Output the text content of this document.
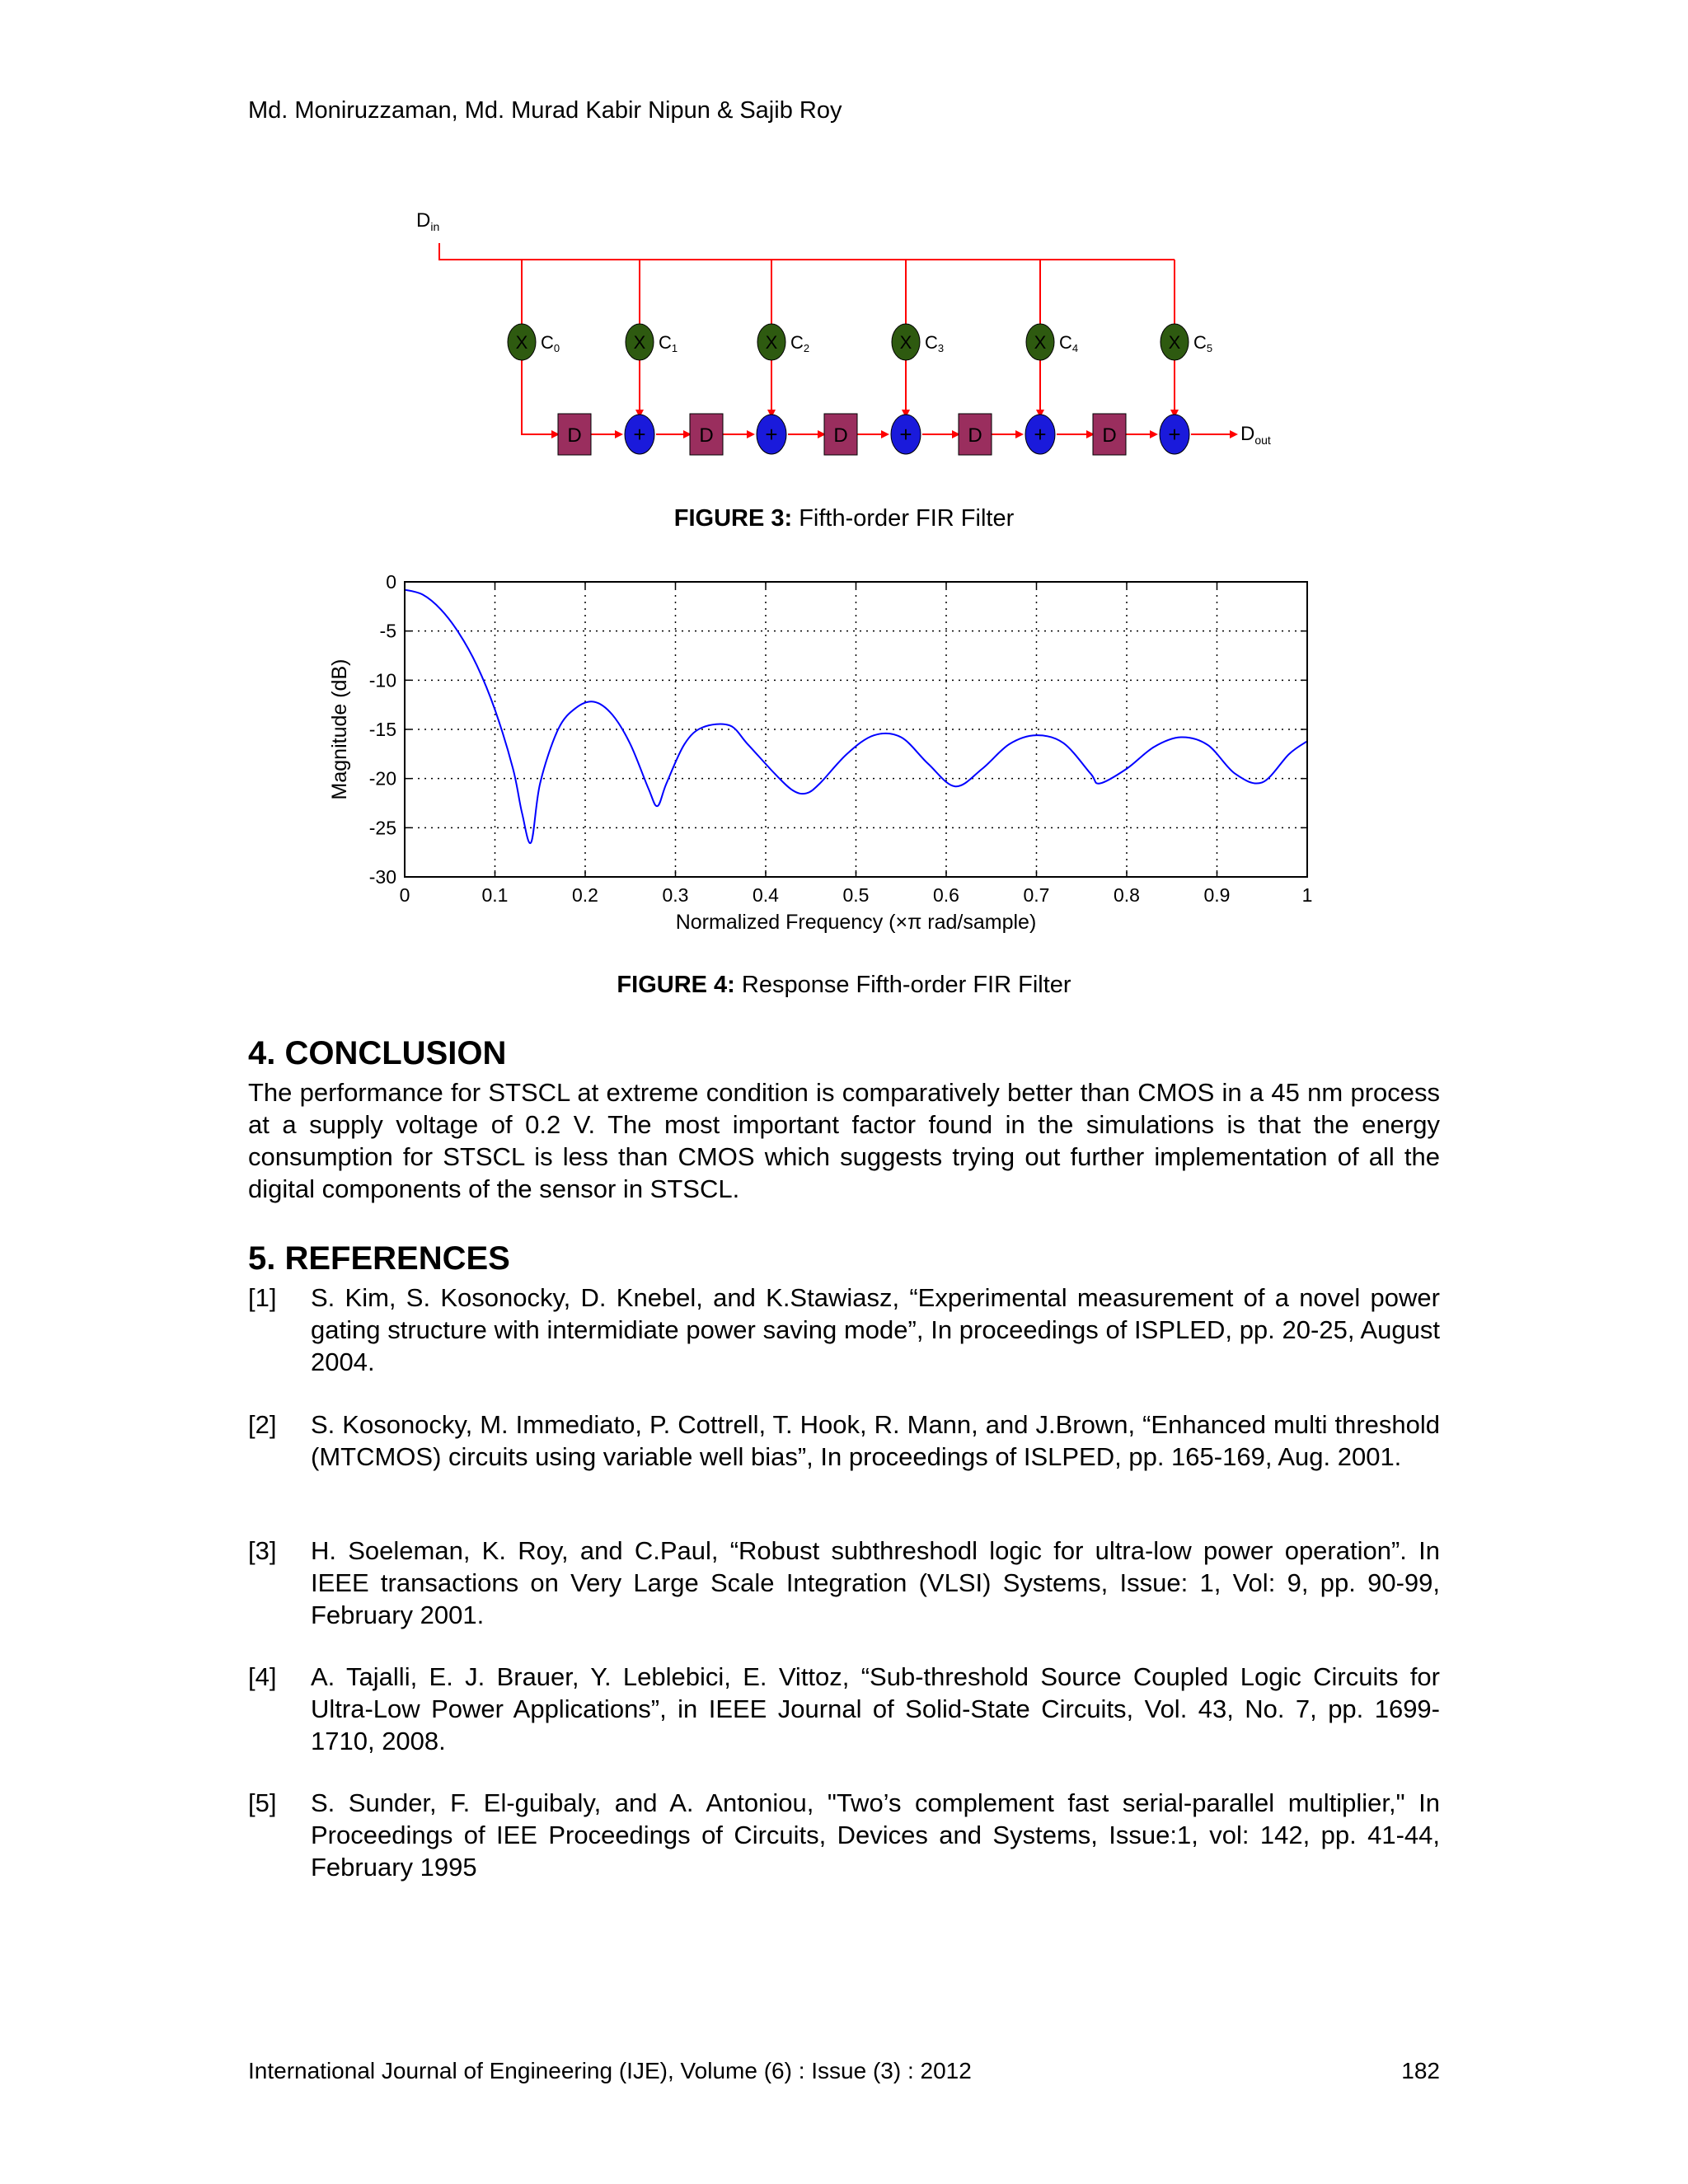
Md. Moniruzzaman, Md. Murad Kabir Nipun & Sajib Roy
D	D	D	D	D
X C0	X C1	X C2	X C3	X C4	X C5
+	+	+	+	+
$D_{in}$
$D_{out}$
FIGURE 3: Fifth-order FIR Filter
0	0.1	0.2	0.3	0.4	0.5	0.6	0.7	0.8	0.9	1
0
-5
-10
-15
-20
-25
-30
Normalized Frequency (×π rad/sample)
Magnitude (dB)
FIGURE 4: Response Fifth-order FIR Filter
4. CONCLUSION
The performance for STSCL at extreme condition is comparatively better than CMOS in a 45 nm process at a supply voltage of 0.2 V. The most important factor found in the simulations is that the energy consumption for STSCL is less than CMOS which suggests trying out further implementation of all the digital components of the sensor in STSCL.
5. REFERENCES
[1] S. Kim, S. Kosonocky, D. Knebel, and K.Stawiasz, “Experimental measurement of a novel power gating structure with intermidiate power saving mode”, In proceedings of ISPLED, pp. 20-25, August 2004.
[2] S. Kosonocky, M. Immediato, P. Cottrell, T. Hook, R. Mann, and J.Brown, “Enhanced multi threshold (MTCMOS) circuits using variable well bias”, In proceedings of ISLPED, pp. 165-169, Aug. 2001.
[3] H. Soeleman, K. Roy, and C.Paul, “Robust subthreshodl logic for ultra-low power operation”. In IEEE transactions on Very Large Scale Integration (VLSI) Systems, Issue: 1, Vol: 9, pp. 90-99, February 2001.
[4] A. Tajalli, E. J. Brauer, Y. Leblebici, E. Vittoz, “Sub-threshold Source Coupled Logic Circuits for Ultra-Low Power Applications”, in IEEE Journal of Solid-State Circuits, Vol. 43, No. 7, pp. 1699-1710, 2008.
[5] S. Sunder, F. El-guibaly, and A. Antoniou, "Two’s complement fast serial-parallel multiplier," In Proceedings of IEE Proceedings of Circuits, Devices and Systems, Issue:1, vol: 142, pp. 41-44, February 1995
International Journal of Engineering (IJE), Volume (6) : Issue (3) : 2012	182
